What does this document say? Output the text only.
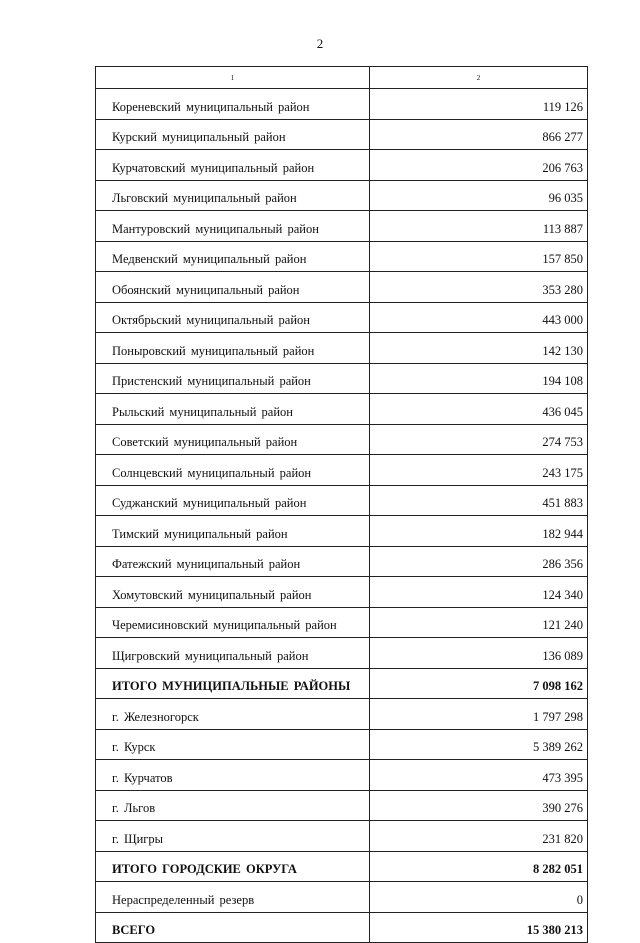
2
1	2
Кореневский муниципальный район	119 126
Курский муниципальный район	866 277
Курчатовский муниципальный район	206 763
Льговский муниципальный район	96 035
Мантуровский муниципальный район	113 887
Медвенский муниципальный район	157 850
Обоянский муниципальный район	353 280
Октябрьский муниципальный район	443 000
Поныровский муниципальный район	142 130
Пристенский муниципальный район	194 108
Рыльский муниципальный район	436 045
Советский муниципальный район	274 753
Солнцевский муниципальный район	243 175
Суджанский муниципальный район	451 883
Тимский муниципальный район	182 944
Фатежский муниципальный район	286 356
Хомутовский муниципальный район	124 340
Черемисиновский муниципальный район	121 240
Щигровский муниципальный район	136 089
ИТОГО МУНИЦИПАЛЬНЫЕ РАЙОНЫ	7 098 162
г. Железногорск	1 797 298
г. Курск	5 389 262
г. Курчатов	473 395
г. Льгов	390 276
г. Щигры	231 820
ИТОГО ГОРОДСКИЕ ОКРУГА	8 282 051
Нераспределенный резерв	0
ВСЕГО	15 380 213
